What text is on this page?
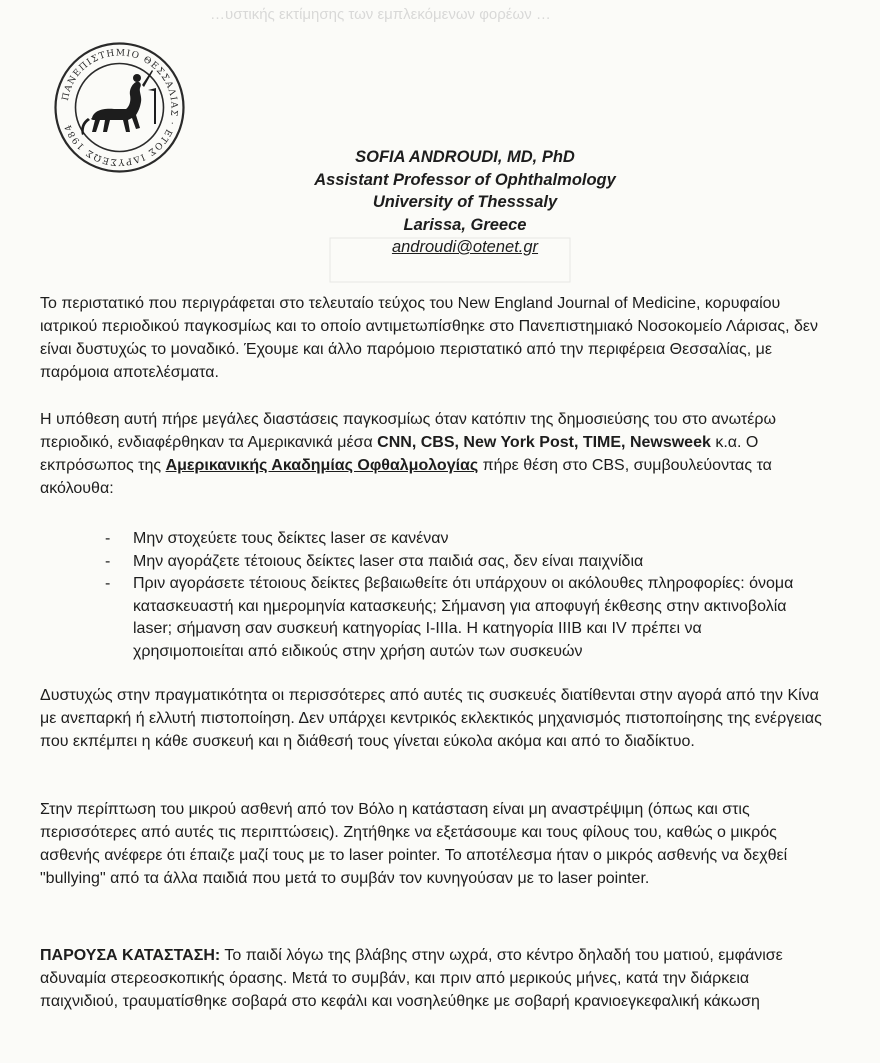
…υστικής εκτίμησης των εμπλεκόμενων φορέων …
ΠΑΝΕΠΙΣΤΗΜΙΟ ΘΕΣΣΑΛΙΑΣ · ΕΤΟΣ ΙΔΡΥΣΕΩΣ 1984
SOFIA ANDROUDI, MD, PhD
Assistant Professor of Ophthalmology
University of Thesssaly
Larissa, Greece
androudi@otenet.gr
Το περιστατικό που περιγράφεται στο τελευταίο τεύχος του New England Journal of Medicine, κορυφαίου ιατρικού περιοδικού παγκοσμίως και το οποίο αντιμετωπίσθηκε στο Πανεπιστημιακό Νοσοκομείο Λάρισας, δεν είναι δυστυχώς το μοναδικό. Έχουμε και άλλο παρόμοιο περιστατικό από την περιφέρεια Θεσσαλίας, με παρόμοια αποτελέσματα.
Η υπόθεση αυτή πήρε μεγάλες διαστάσεις παγκοσμίως όταν κατόπιν της δημοσιεύσης του στο ανωτέρω περιοδικό, ενδιαφέρθηκαν τα Αμερικανικά μέσα CNN, CBS, New York Post, TIME, Newsweek κ.α. Ο εκπρόσωπος της Αμερικανικής Ακαδημίας Οφθαλμολογίας πήρε θέση στο CBS, συμβουλεύοντας τα ακόλουθα:
- Μην στοχεύετε τους δείκτες laser σε κανέναν
- Μην αγοράζετε τέτοιους δείκτες laser στα παιδιά σας, δεν είναι παιχνίδια
- Πριν αγοράσετε τέτοιους δείκτες βεβαιωθείτε ότι υπάρχουν οι ακόλουθες πληροφορίες: όνομα κατασκευαστή και ημερομηνία κατασκευής; Σήμανση για αποφυγή έκθεσης στην ακτινοβολία laser; σήμανση σαν συσκευή κατηγορίας I-IIIa. Η κατηγορία IIIB και IV πρέπει να χρησιμοποιείται από ειδικούς στην χρήση αυτών των συσκευών
Δυστυχώς στην πραγματικότητα οι περισσότερες από αυτές τις συσκευές διατίθενται στην αγορά από την Κίνα με ανεπαρκή ή ελλυτή πιστοποίηση. Δεν υπάρχει κεντρικός εκλεκτικός μηχανισμός πιστοποίησης της ενέργειας που εκπέμπει η κάθε συσκευή και η διάθεσή τους γίνεται εύκολα ακόμα και από το διαδίκτυο.
Στην περίπτωση του μικρού ασθενή από τον Βόλο η κατάσταση είναι μη αναστρέψιμη (όπως και στις περισσότερες από αυτές τις περιπτώσεις). Ζητήθηκε να εξετάσουμε και τους φίλους του, καθώς ο μικρός ασθενής ανέφερε ότι έπαιζε μαζί τους με το laser pointer. Το αποτέλεσμα ήταν ο μικρός ασθενής να δεχθεί "bullying" από τα άλλα παιδιά που μετά το συμβάν τον κυνηγούσαν με το laser pointer.
ΠΑΡΟΥΣΑ ΚΑΤΑΣΤΑΣΗ: Το παιδί λόγω της βλάβης στην ωχρά, στο κέντρο δηλαδή του ματιού, εμφάνισε αδυναμία στερεοσκοπικής όρασης. Μετά το συμβάν, και πριν από μερικούς μήνες, κατά την διάρκεια παιχνιδιού, τραυματίσθηκε σοβαρά στο κεφάλι και νοσηλεύθηκε με σοβαρή κρανιοεγκεφαλική κάκωση
